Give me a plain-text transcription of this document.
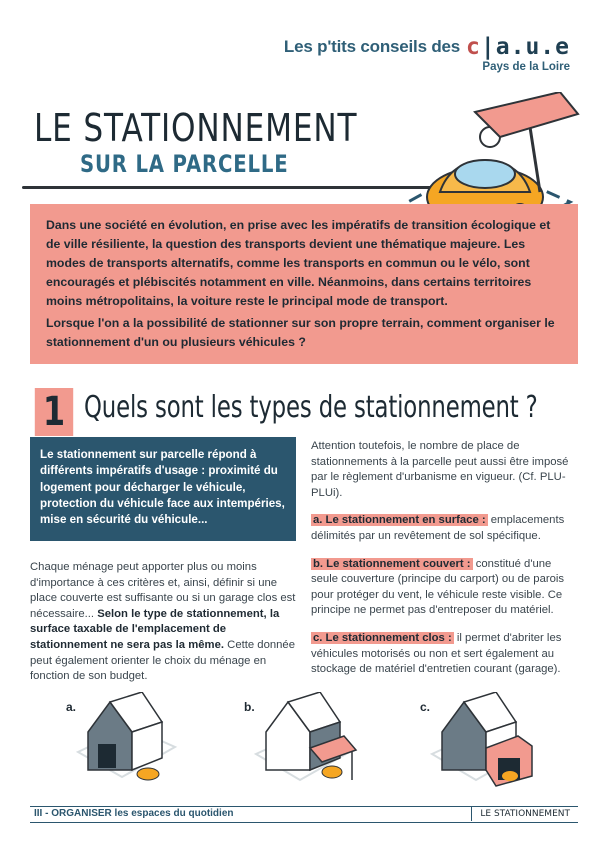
Les p'tits conseils des c|a.u.e
Pays de la Loire
LE STATIONNEMENT
SUR LA PARCELLE

Dans une société en évolution, en prise avec les impératifs de transition écologique et de ville résiliente, la question des transports devient une thématique majeure. Les modes de transports alternatifs, comme les transports en commun ou le vélo, sont encouragés et plébiscités notamment en ville. Néanmoins, dans certains territoires moins métropolitains, la voiture reste le principal mode de transport.

Lorsque l'on a la possibilité de stationner sur son propre terrain, comment organiser le stationnement d'un ou plusieurs véhicules ?

1 Quels sont les types de stationnement ?

Le stationnement sur parcelle répond à différents impératifs d'usage : proximité du logement pour décharger le véhicule, protection du véhicule face aux intempéries, mise en sécurité du véhicule...

Chaque ménage peut apporter plus ou moins d'importance à ces critères et, ainsi, définir si une place couverte est suffisante ou si un garage clos est nécessaire... Selon le type de stationnement, la surface taxable de l'emplacement de stationnement ne sera pas la même. Cette donnée peut également orienter le choix du ménage en fonction de son budget.
Attention toutefois, le nombre de place de stationnements à la parcelle peut aussi être imposé par le règlement d'urbanisme en vigueur. (Cf. PLU-PLUi).
a. Le stationnement en surface : emplacements délimités par un revêtement de sol spécifique.
b. Le stationnement couvert : constitué d'une seule couverture (principe du carport) ou de parois pour protéger du vent, le véhicule reste visible. Ce principe ne permet pas d'entreposer du matériel.
c. Le stationnement clos : il permet d'abriter les véhicules motorisés ou non et sert également au stockage de matériel d'entretien courant (garage).
a.	b.	c.
III - ORGANISER les espaces du quotidien	LE STATIONNEMENT
